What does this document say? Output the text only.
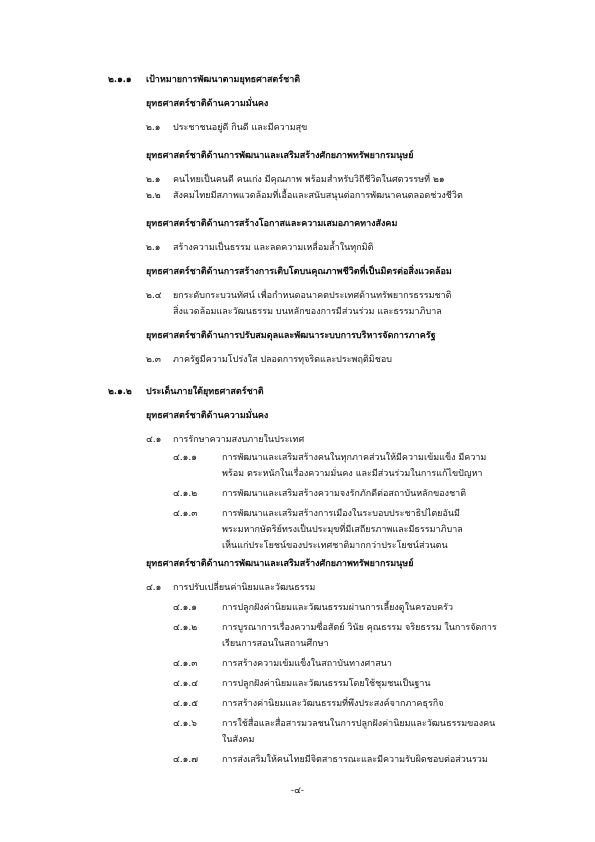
๒.๑.๑ เป้าหมายการพัฒนาตามยุทธศาสตร์ชาติ
ยุทธศาสตร์ชาติด้านความมั่นคง
๒.๑ ประชาชนอยู่ดี กินดี และมีความสุข
ยุทธศาสตร์ชาติด้านการพัฒนาและเสริมสร้างศักยภาพทรัพยากรมนุษย์
๒.๑ คนไทยเป็นคนดี คนเก่ง มีคุณภาพ พร้อมสำหรับวิถีชีวิตในศตวรรษที่ ๒๑
๒.๒ สังคมไทยมีสภาพแวดล้อมที่เอื้อและสนับสนุนต่อการพัฒนาคนตลอดช่วงชีวิต
ยุทธศาสตร์ชาติด้านการสร้างโอกาสและความเสมอภาคทางสังคม
๒.๑ สร้างความเป็นธรรม และลดความเหลื่อมล้ำในทุกมิติ
ยุทธศาสตร์ชาติด้านการสร้างการเติบโตบนคุณภาพชีวิตที่เป็นมิตรต่อสิ่งแวดล้อม
๒.๔ ยกระดับกระบวนทัศน์ เพื่อกำหนดอนาคตประเทศด้านทรัพยากรธรรมชาติ
สิ่งแวดล้อมและวัฒนธรรม บนหลักของการมีส่วนร่วม และธรรมาภิบาล
ยุทธศาสตร์ชาติด้านการปรับสมดุลและพัฒนาระบบการบริหารจัดการภาครัฐ
๒.๓ ภาครัฐมีความโปร่งใส ปลอดการทุจริตและประพฤติมิชอบ
๒.๑.๒ ประเด็นภายใต้ยุทธศาสตร์ชาติ
ยุทธศาสตร์ชาติด้านความมั่นคง
๔.๑ การรักษาความสงบภายในประเทศ
๔.๑.๑	การพัฒนาและเสริมสร้างคนในทุกภาคส่วนให้มีความเข้มแข็ง มีความ
พร้อม ตระหนักในเรื่องความมั่นคง และมีส่วนร่วมในการแก้ไขปัญหา
๔.๑.๒	การพัฒนาและเสริมสร้างความจงรักภักดีต่อสถาบันหลักของชาติ
๔.๑.๓	การพัฒนาและเสริมสร้างการเมืองในระบอบประชาธิปไตยอันมี
พระมหากษัตริย์ทรงเป็นประมุขที่มีเสถียรภาพและมีธรรมาภิบาล
เห็นแก่ประโยชน์ของประเทศชาติมากกว่าประโยชน์ส่วนตน
ยุทธศาสตร์ชาติด้านการพัฒนาและเสริมสร้างศักยภาพทรัพยากรมนุษย์
๔.๑ การปรับเปลี่ยนค่านิยมและวัฒนธรรม
๔.๑.๑	การปลูกฝังค่านิยมและวัฒนธรรมผ่านการเลี้ยงดูในครอบครัว
๔.๑.๒	การบูรณาการเรื่องความซื่อสัตย์ วินัย คุณธรรม จริยธรรม ในการจัดการ
เรียนการสอนในสถานศึกษา
๔.๑.๓	การสร้างความเข้มแข็งในสถาบันทางศาสนา
๔.๑.๔	การปลูกฝังค่านิยมและวัฒนธรรมโดยใช้ชุมชนเป็นฐาน
๔.๑.๕	การสร้างค่านิยมและวัฒนธรรมที่พึงประสงค์จากภาคธุรกิจ
๔.๑.๖	การใช้สื่อและสื่อสารมวลชนในการปลูกฝังค่านิยมและวัฒนธรรมของคน
ในสังคม
๔.๑.๗	การส่งเสริมให้คนไทยมีจิตสาธารณะและมีความรับผิดชอบต่อส่วนรวม
-๔-
